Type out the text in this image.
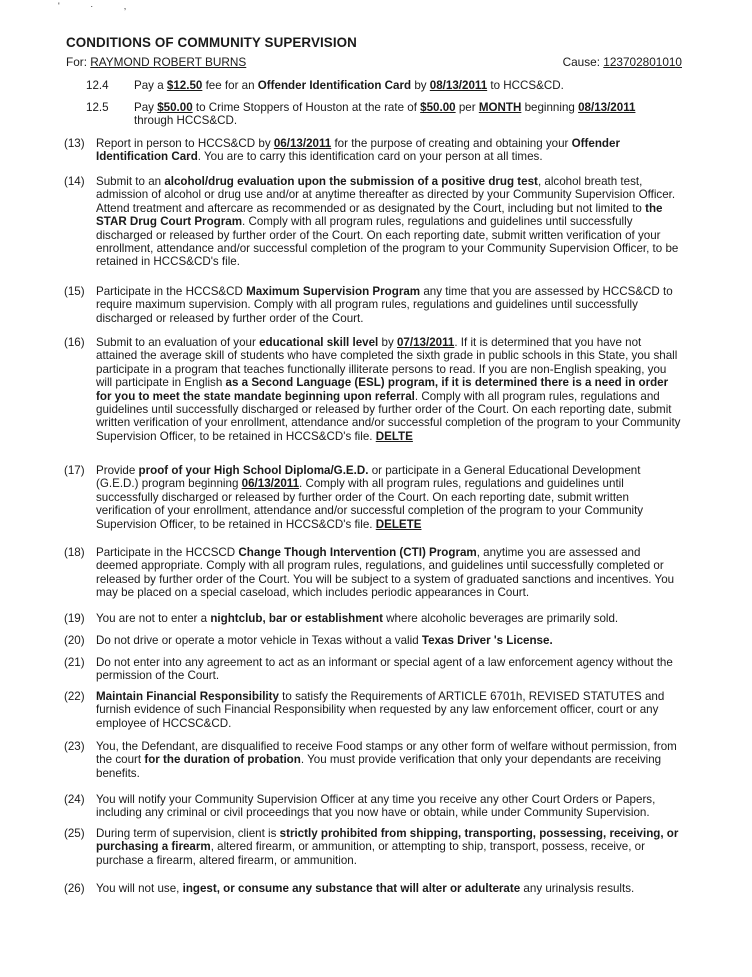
' · ,
CONDITIONS OF COMMUNITY SUPERVISION
For: RAYMOND ROBERT BURNS	Cause: 123702801010
12.4	Pay a $12.50 fee for an Offender Identification Card by 08/13/2011 to HCCS&CD.
12.5	Pay $50.00 to Crime Stoppers of Houston at the rate of $50.00 per MONTH beginning 08/13/2011 through HCCS&CD.
(13) Report in person to HCCS&CD by 06/13/2011 for the purpose of creating and obtaining your Offender Identification Card. You are to carry this identification card on your person at all times.
(14) Submit to an alcohol/drug evaluation upon the submission of a positive drug test, alcohol breath test, admission of alcohol or drug use and/or at anytime thereafter as directed by your Community Supervision Officer. Attend treatment and aftercare as recommended or as designated by the Court, including but not limited to the STAR Drug Court Program. Comply with all program rules, regulations and guidelines until successfully discharged or released by further order of the Court. On each reporting date, submit written verification of your enrollment, attendance and/or successful completion of the program to your Community Supervision Officer, to be retained in HCCS&CD's file.
(15) Participate in the HCCS&CD Maximum Supervision Program any time that you are assessed by HCCS&CD to require maximum supervision. Comply with all program rules, regulations and guidelines until successfully discharged or released by further order of the Court.
(16) Submit to an evaluation of your educational skill level by 07/13/2011. If it is determined that you have not attained the average skill of students who have completed the sixth grade in public schools in this State, you shall participate in a program that teaches functionally illiterate persons to read. If you are non-English speaking, you will participate in English as a Second Language (ESL) program, if it is determined there is a need in order for you to meet the state mandate beginning upon referral. Comply with all program rules, regulations and guidelines until successfully discharged or released by further order of the Court. On each reporting date, submit written verification of your enrollment, attendance and/or successful completion of the program to your Community Supervision Officer, to be retained in HCCS&CD's file. DELTE
(17) Provide proof of your High School Diploma/G.E.D. or participate in a General Educational Development (G.E.D.) program beginning 06/13/2011. Comply with all program rules, regulations and guidelines until successfully discharged or released by further order of the Court. On each reporting date, submit written verification of your enrollment, attendance and/or successful completion of the program to your Community Supervision Officer, to be retained in HCCS&CD's file. DELETE
(18) Participate in the HCCSCD Change Though Intervention (CTI) Program, anytime you are assessed and deemed appropriate. Comply with all program rules, regulations, and guidelines until successfully completed or released by further order of the Court. You will be subject to a system of graduated sanctions and incentives. You may be placed on a special caseload, which includes periodic appearances in Court.
(19) You are not to enter a nightclub, bar or establishment where alcoholic beverages are primarily sold.
(20) Do not drive or operate a motor vehicle in Texas without a valid Texas Driver 's License.
(21) Do not enter into any agreement to act as an informant or special agent of a law enforcement agency without the permission of the Court.
(22) Maintain Financial Responsibility to satisfy the Requirements of ARTICLE 6701h, REVISED STATUTES and furnish evidence of such Financial Responsibility when requested by any law enforcement officer, court or any employee of HCCSC&CD.
(23) You, the Defendant, are disqualified to receive Food stamps or any other form of welfare without permission, from the court for the duration of probation. You must provide verification that only your dependants are receiving benefits.
(24) You will notify your Community Supervision Officer at any time you receive any other Court Orders or Papers, including any criminal or civil proceedings that you now have or obtain, while under Community Supervision.
(25) During term of supervision, client is strictly prohibited from shipping, transporting, possessing, receiving, or purchasing a firearm, altered firearm, or ammunition, or attempting to ship, transport, possess, receive, or purchase a firearm, altered firearm, or ammunition.
(26) You will not use, ingest, or consume any substance that will alter or adulterate any urinalysis results.
